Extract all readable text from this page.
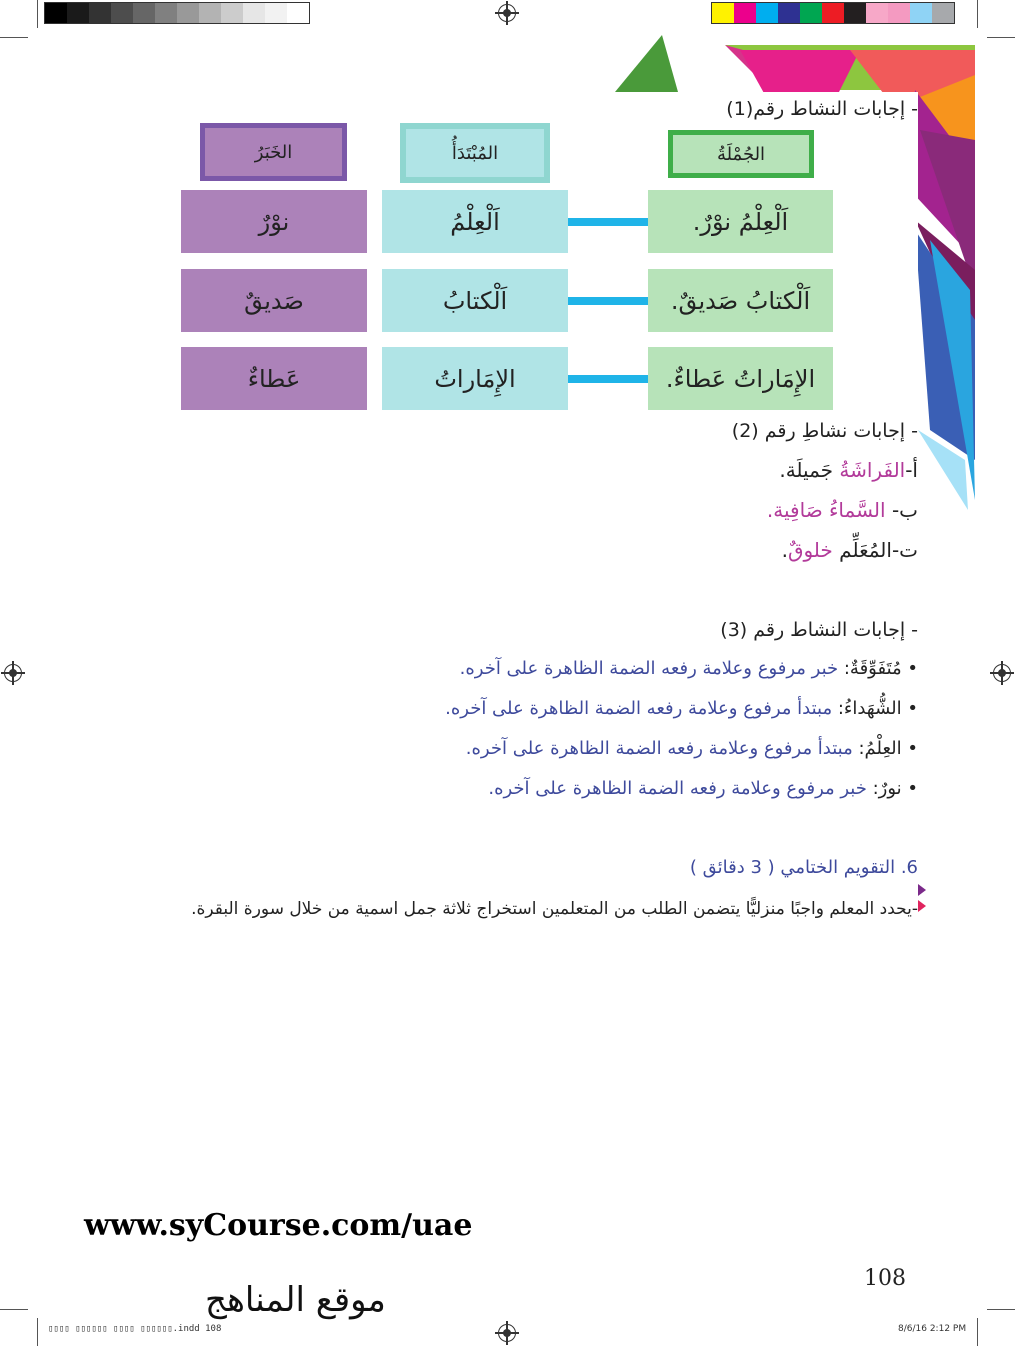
- إجابات النشاط رقم(1)
الجُمْلَةُ
المُبْتَدَأُ
الخَبَرُ
اَلْعِلْمُ نوْرٌ.
اَلْعِلْمُ
نوْرٌ
اَلْكتابُ صَديقٌ.
اَلْكتابُ
صَديقٌ
الإِمَاراتُ عَطاءٌ.
الإِمَاراتُ
عَطاءٌ
- إجابات نشاطِ رقم (2)
أ-الفَراشَةُ جَميلَة.
ب- السَّماءُ صَافِية.
ت-المُعَلِّم خلوقٌ.
- إجابات النشاط رقم (3)
• مُتَفَوِّقَةٌ: خبر مرفوع وعلامة رفعه الضمة الظاهرة على آخره.
• الشُّهَداءُ: مبتدأ مرفوع وعلامة رفعه الضمة الظاهرة على آخره.
• العِلْمُ: مبتدأ مرفوع وعلامة رفعه الضمة الظاهرة على آخره.
• نورٌ: خبر مرفوع وعلامة رفعه الضمة الظاهرة على آخره.
6. التقويم الختامي ( 3 دقائق )
-يحدد المعلم واجبًا منزليًّا يتضمن الطلب من المتعلمين استخراج ثلاثة جمل اسمية من خلال سورة البقرة.
www.syCourse.com/uae
موقع المناهج
108
▯▯▯▯ ▯▯▯▯▯▯ ▯▯▯▯ ▯▯▯▯▯▯.indd 108	8/6/16 2:12 PM
